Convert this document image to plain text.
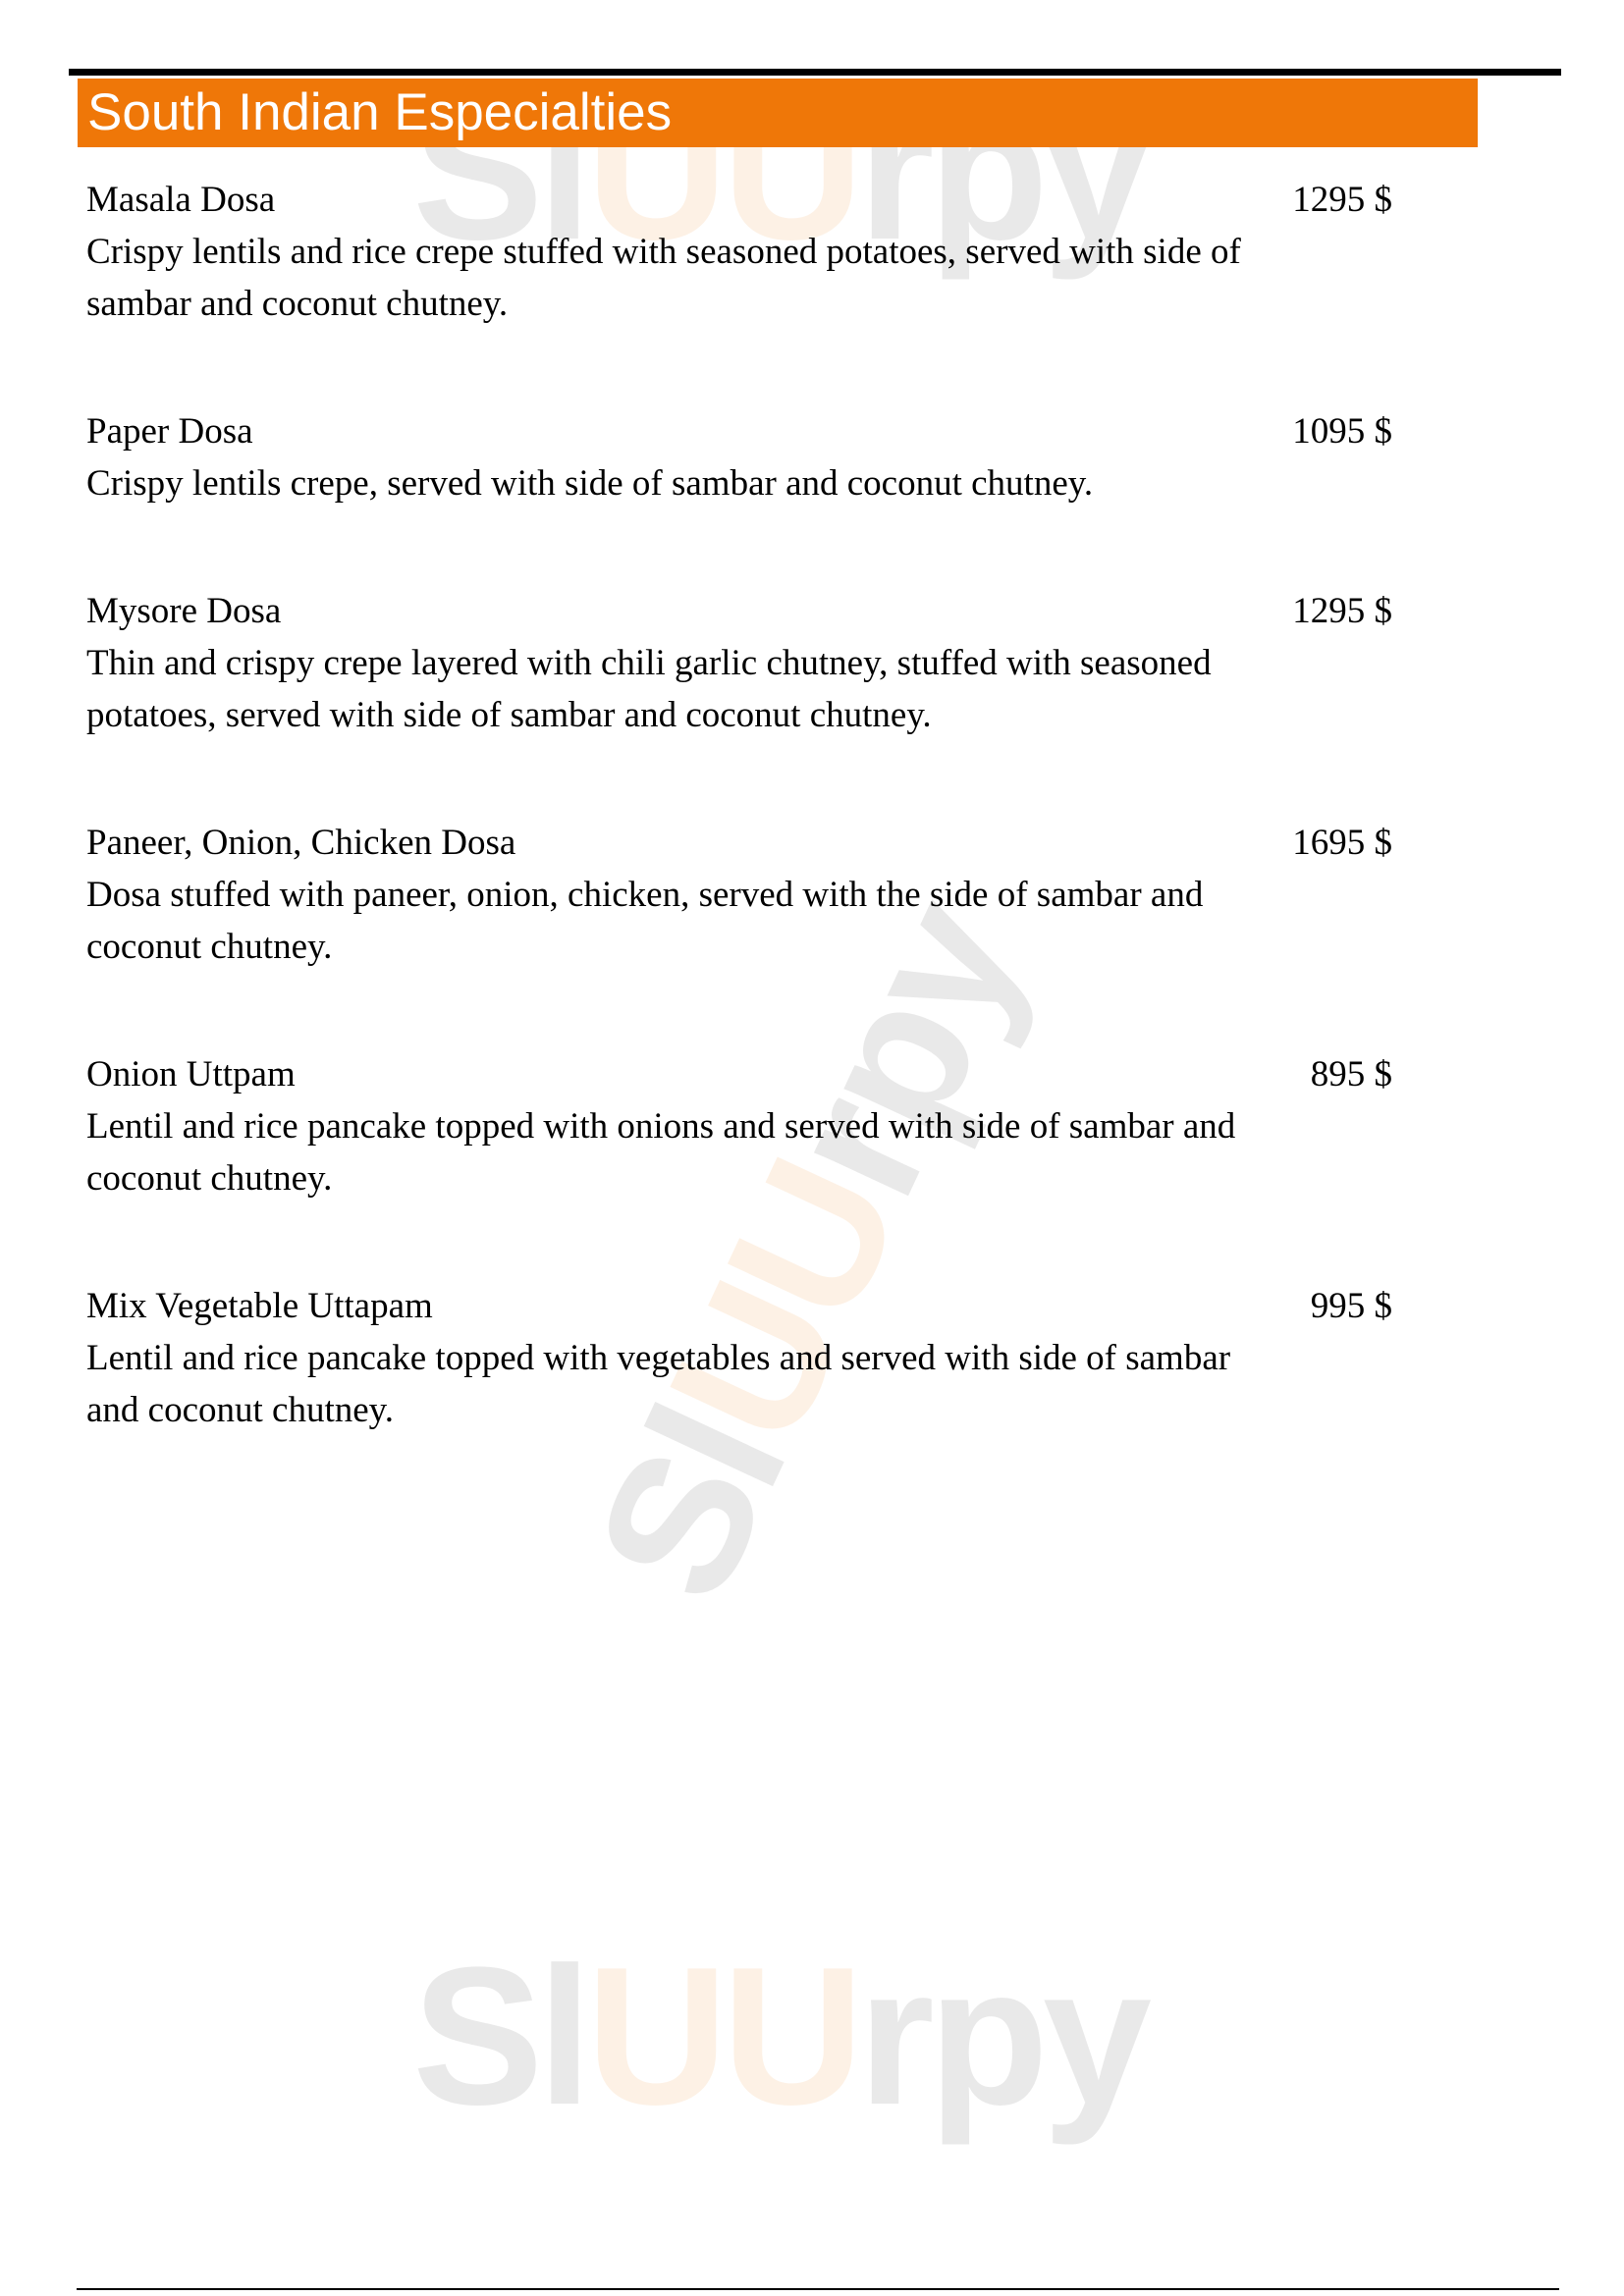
SlUUrpy
SlUUrpy
SlUUrpy
South Indian Especialties
Masala Dosa
Crispy lentils and rice crepe stuffed with seasoned potatoes, served with side of sambar and coconut chutney.
1295 $
Paper Dosa
Crispy lentils crepe, served with side of sambar and coconut chutney.
1095 $
Mysore Dosa
Thin and crispy crepe layered with chili garlic chutney, stuffed with seasoned potatoes, served with side of sambar and coconut chutney.
1295 $
Paneer, Onion, Chicken Dosa
Dosa stuffed with paneer, onion, chicken, served with the side of sambar and coconut chutney.
1695 $
Onion Uttpam
Lentil and rice pancake topped with onions and served with side of sambar and coconut chutney.
895 $
Mix Vegetable Uttapam
Lentil and rice pancake topped with vegetables and served with side of sambar and coconut chutney.
995 $
